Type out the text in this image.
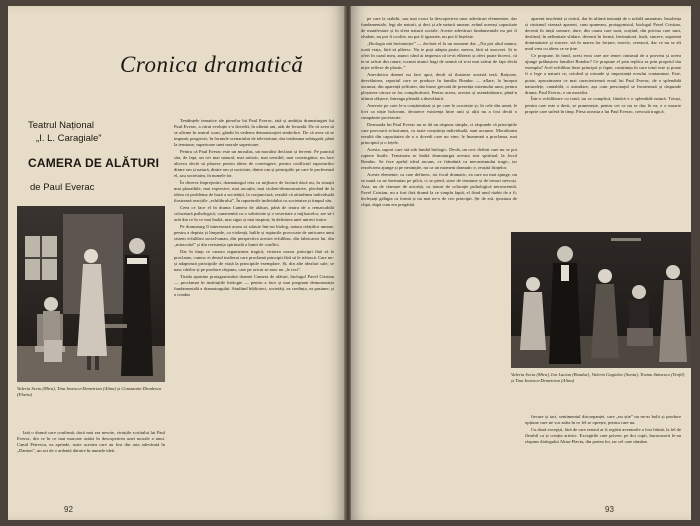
Cronica dramatică
Teatrul Național
„I. L. Caragiale”
CAMERA DE ALĂTURI
de Paul Everac
Valeria Seciu (Mira), Tina Ionescu-Demetrian (Alina) și Constantin Dinulescu (Flaviu)

Iată o dramă care confirmă, dacă mai era nevoie, virtuțile scriitului lui Paul Everac, din ce în ce mai marcate astăzi în descoperirea unei morale a unui. Camil Petrescu, ea aprinde, toate acestea care au fost din arta adevărată în „Danton”, un act de o ardentă dăruire în numele ideii.

Tendințele tematice ale pieselor lui Paul Everac, iată și ambiția dramaturgiei lui Paul Everac, a cărui evoluție s-a dovedit, în ultimii ani, atât de fecundă. De că avea să se afirme în teatrul scurt, gândit în vederea demonstrației simbolice. De că avea să se impună, progresiv, în formule scenariului de televiziune, dar totdeauna subiugată, până la tensiune, superioare unei morale superioare.

Pentru că Paul Everac este un moralist, un moralist declarat și fervent. Pe punctul său, de fapt, un cer mai natural, mai artistic, mai sensibil, mai convingător; nu face altceva decât să plaseze pentru ideea de convingere, pentru conflictul raporturilor dintre om și natură, dintre om și societate, dintre om și principiile pe care le profesează el, sau societatea, în numele lor.

În diverse împrejurări, dramaturgul reia cu mijloace de factură dacă nu, în situații mai plauzibile, mai expresive, mai ascuțite, mai violent-demonstrative, plecând de la ideea că problema de bază a societății, la conjunctură, rezultă că atitudinea individuală ilustrează reacțiile „echilibrului”. În raporturile individului cu societatea și timpul său.

Ceea ce face el în drama Camera de alături, până de teatru de o remarcabilă coloratură psihologică, cumetenită cu o sobrietate și o severitate a mijloacelor, are să-i arăt din ce în ce mai înaltă, mai sigur și mai inspirat, în definirea unei untreri traice.

Pe dramaturg îl interesează acum să stăruie într-un biolog, natura relațiilor umane, pentru a depista și limpede, cu violență, bulile și rupturile provocate de anticarea unui sistem echilibru social-uman, din perspectiva acestei echilibru, din fabricarea lui, din „miracolul” și din rezistența spirituală a lumii de conflict.

Dar în timp ce canoro organizarea tragică, virtutea ceasor principii fără să le proclame, cunosc ei destul inalterat care proclamă principii fără să le trăiască. Care nu-și adaptează principiile de viață la principiile exemplare. Și, din alte idealuri sale, se nasc ideilor și pe produce răspuns, care pe oricui se nasc nu „le roci”.

Tirada apartine protagonistului dramei Camera de alături, biologul Pavel Cristian — proclamat în instituțiile biologie — pentru a face și mai pregnant demonstrația fundamentală a dramaturgului. Studiind biblioteci, societăți, ea credința, ea pasiune, și a condus

92

pe care la stabilit, sau mai exact la descoperirea unor adevăruri elementare, dar fundamentale, legi ale naturii, și deci și ale naturii umane, având aceeași capacitate de manifestare și în sfera naturii sociale. Aceste adevăruri fundamentale nu pot fi eludate, nu pot fi ocolite, nu pot fi ignorate, nu pot fi înșelate.

„Biologia mă învinuiește” — declară el la un moment dat. „Nu pot altul natura, toată viața, fără să plătesc. Nu te poți adapta poate, mereu, fără să asocrezi. Și te oferi în cazul meu, atunci când ai impresia că te-ai eliberat și oferi poate încerci, că te-ai salvat din ratare, tocmai atunci bagi de seamă că n-ai mai salvat de fapt decât niște reflexe de plastic.”

Anecdotica dramei nu face apoi, decât să ilustreze această tezâ. Raiyone, dezvăluirea, raportul care se produce în familia Bonduc — aflare, la început ascunsă, din aparență șefforier, dar bruse grevată de prezența sistemului unor, pentru ploșterea cărora se fac complicăturii. Pentru aceea, acestor și asemănătoare, până-n ultimă sfâșiere, întreaga pleiadă a dezvăluirii.

Anevoie pe care le-a conștientizat și pe care le ocrotește și, în cele din urmă, le lovi ca niște bolovani, deoarece existența între unii și alții nu a fost decât o cumpănire provizorie.

Deznoada lui Paul Everac nu se dă un răspuns simplu, ci răspunde că principiile care provoacă ecloziunea, cu toate conștiința individuală, sunt ascunse. Moralitatea rezultă din capacitatea de a o dovedi care nu vine, le înseamnă a proclama, mai principiul și o fețele.

Acesta, suport care stă sub fundal biologic. Decât, un cerc definit care nu se pot ruptere liniile. Tensiunea se înaltă dramaturgia acestui text spiritual, la Jocul Bonduc. Se face apelul ideal ascuns, ce frământă ca mecanismului tragic, iar rezolvarea ajunge și pe nesimțite, nu ca un moment dramatic e, reușită ființelor.

Aceste elemente, ca care definesc, tot focul dramatic, ea care nu mai ajunge, nu se mută ca ne învinuiau pe pilcă, ci se pierd, stare de tensiune și de tresari nervoși. Asta, nu de clamare de actoriță, cu tonuri de colorație psihologică neconvenită. Pavel Cristian, nu a fost fără dramă la ce simplu faptă, el fiind unul răzbit de a fi; încleștați gălăgia ca formă și nu mai ne-o de ceo principii. Șir de eră, ipostaza de clipă, după cum era pregătită.

aparent insolentă și cinică, dar în ultimă instanță de o nobilă umanism. Insolența și cinismul vizează aparent, cum spuneam, protagonistul, biologul Pavel Cristian, decenii în tinții somure, dure, din cauza care sunt, scoțind, din pricina care sunt, desfiind, în nelimitate sfidare, devenit în formă, învinuitoră, înalt, sincere, supremă dominatoare și sincere, stă în marea lor forțare, reactiv, cerească, dar ce nu se alt mod vrea cu ideea ce se ține.

Ce propune, în fond, acest erou care are temei cinismul de a proveni și aceea ajunge prăbușirea familiei Bonduc? Ce propune el prin replica sa prin propriul tău exemplu? Acel echilibru între principii și fapte, conștiința în care totul este și poate fi o lege a naturii ce, oricând și oriunde și importanță eroului contaminat. Este, poate, aproximarea ce mai caracterizează eroul lui Paul Everac, de o splendidă naturalețe, cantabilă, o asimilare, așa cum personajul se încarnează și răspunde drama. Paul Everac, e un moralist.

Într-o echilibrare cu totul, nu se complică, fiindcă e o splendidă natură. Totuși, pentru care este a dorit, se pomenește, pentru cei ce nu se duc în ea, e o moarte proprie care suferă în timp. Piesa aceasta a lui Paul Everac, crescută tragică.

Valeria Seciu (Mira), Ion Lucian (Bonduc), Valeria Gagialov (Sonia), Traian Stănescu (Teofil) și Tina Ionescu-Demetrian (Alina)

fiecare și tact, sentimentul discrepanței, care „nu știe” nu ne-ar bolii și produce opțiune care ne vor arăta în ce fel se oprește, pentru care nu.

Cu două excepții, fără de care teatrul ar fi regăsit aventurile a fost frântă, la fel de flexibil ca și creația artistic. Excepțiile care privesc pe doi copii, bucurasorii le-au răspuns dialogului Alina-Flaviu, din partea lor, iar cel care rămâne.

93
